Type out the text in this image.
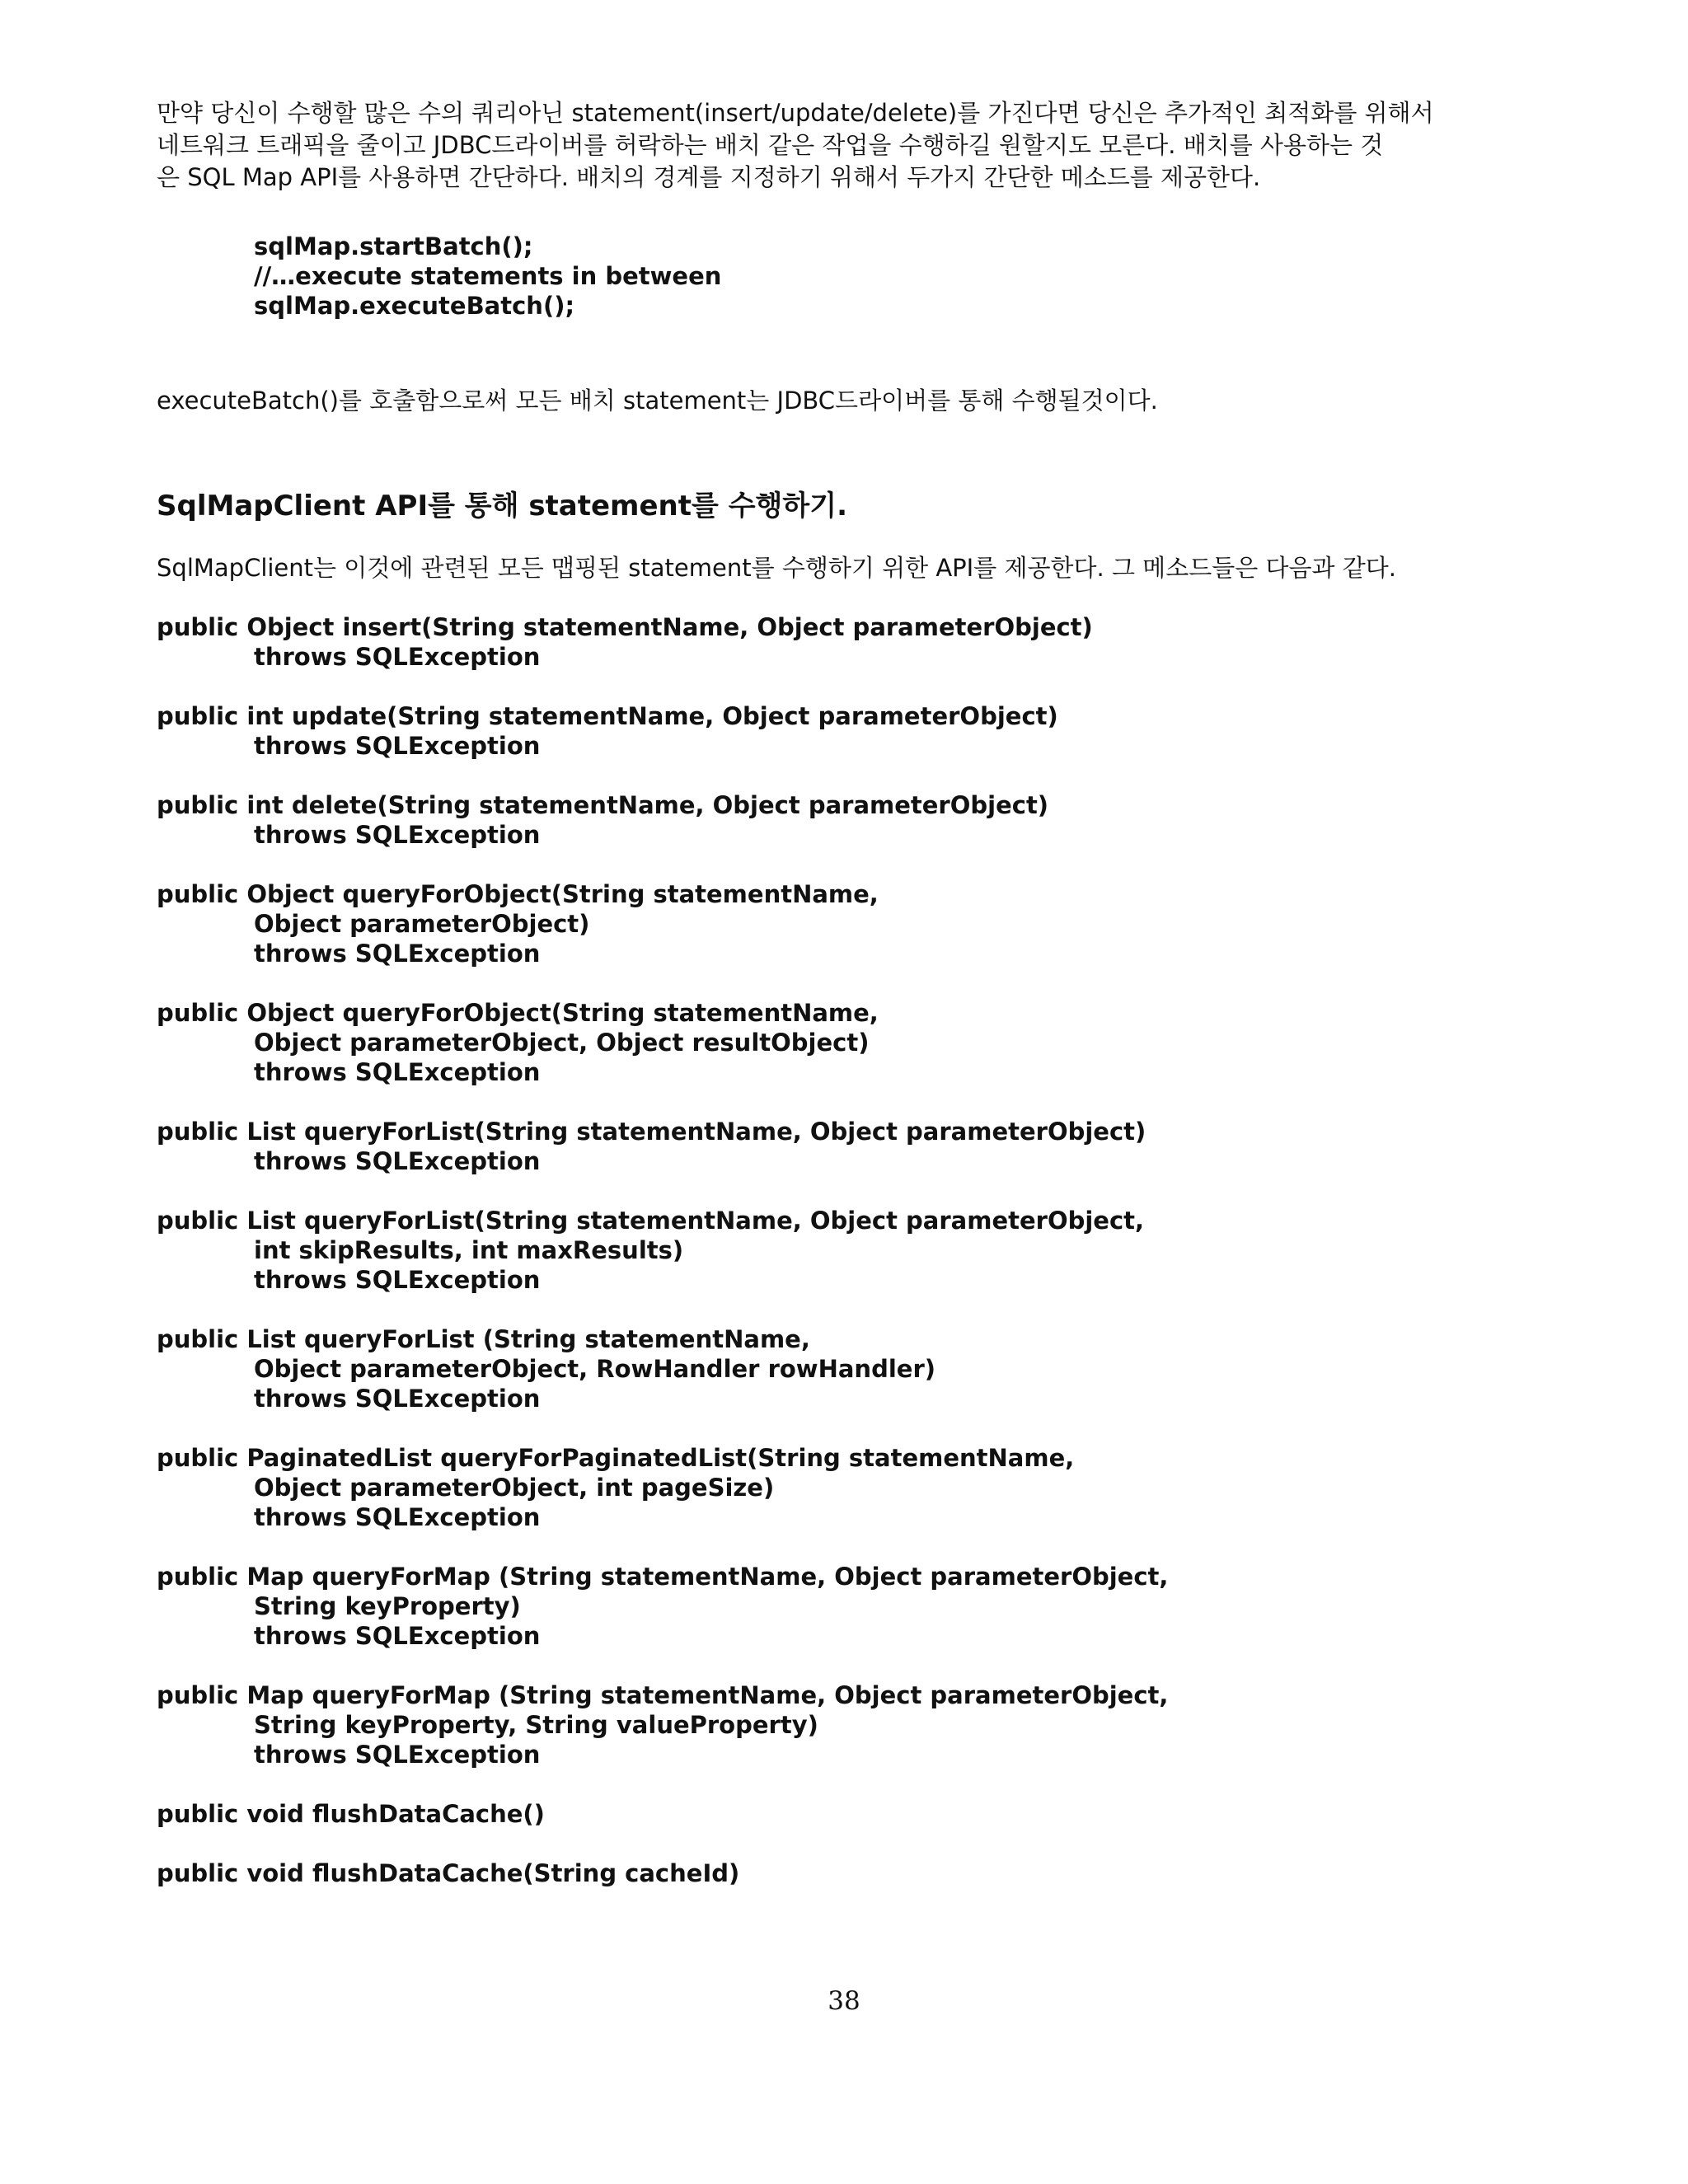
만약 당신이 수행할 많은 수의 쿼리아닌 statement(insert/update/delete)를 가진다면 당신은 추가적인 최적화를 위해서
네트워크 트래픽을 줄이고 JDBC드라이버를 허락하는 배치 같은 작업을 수행하길 원할지도 모른다. 배치를 사용하는 것
은 SQL Map API를 사용하면 간단하다. 배치의 경계를 지정하기 위해서 두가지 간단한 메소드를 제공한다.
sqlMap.startBatch();
//…execute statements in between
sqlMap.executeBatch();

executeBatch()를 호출함으로써 모든 배치 statement는 JDBC드라이버를 통해 수행될것이다.

SqlMapClient API를 통해 statement를 수행하기.

SqlMapClient는 이것에 관련된 모든 맵핑된 statement를 수행하기 위한 API를 제공한다. 그 메소드들은 다음과 같다.

public Object insert(String statementName, Object parameterObject)
throws SQLException
public int update(String statementName, Object parameterObject)
throws SQLException
public int delete(String statementName, Object parameterObject)
throws SQLException
public Object queryForObject(String statementName,
Object parameterObject)
throws SQLException
public Object queryForObject(String statementName,
Object parameterObject, Object resultObject)
throws SQLException
public List queryForList(String statementName, Object parameterObject)
throws SQLException
public List queryForList(String statementName, Object parameterObject,
int skipResults, int maxResults)
throws SQLException
public List queryForList (String statementName,
Object parameterObject, RowHandler rowHandler)
throws SQLException
public PaginatedList queryForPaginatedList(String statementName,
Object parameterObject, int pageSize)
throws SQLException
public Map queryForMap (String statementName, Object parameterObject,
String keyProperty)
throws SQLException
public Map queryForMap (String statementName, Object parameterObject,
String keyProperty, String valueProperty)
throws SQLException
public void flushDataCache()
public void flushDataCache(String cacheId)
38
